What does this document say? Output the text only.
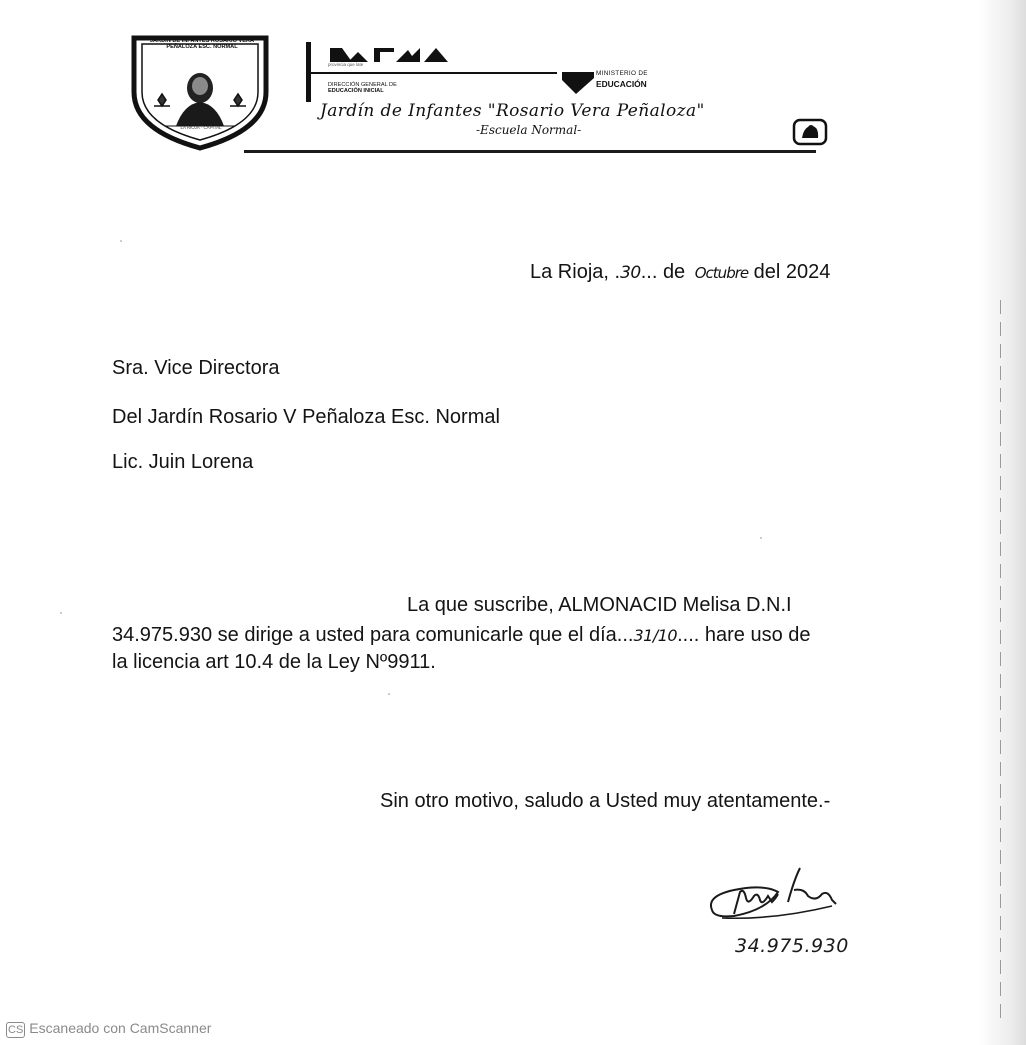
JARDÍN DE INFANTES ROSARIO VERA PEÑALOZA ESC. NORMAL
LA RIOJA · CAPITAL
provincia que late
DIRECCIÓN GENERAL DE
EDUCACIÓN INICIAL
MINISTERIO DE
EDUCACIÓN
Jardín de Infantes "Rosario Vera Peñaloza"
-Escuela Normal-
La Rioja, .30... de Octubre del 2024
Sra. Vice Directora
Del Jardín Rosario V Peñaloza Esc. Normal
Lic. Juin Lorena
La que suscribe, ALMONACID Melisa D.N.I
34.975.930 se dirige a usted para comunicarle que el día...31/10.... hare uso de
la licencia art 10.4 de la Ley Nº9911.
Sin otro motivo, saludo a Usted muy atentamente.-
34.975.930
CS Escaneado con CamScanner
